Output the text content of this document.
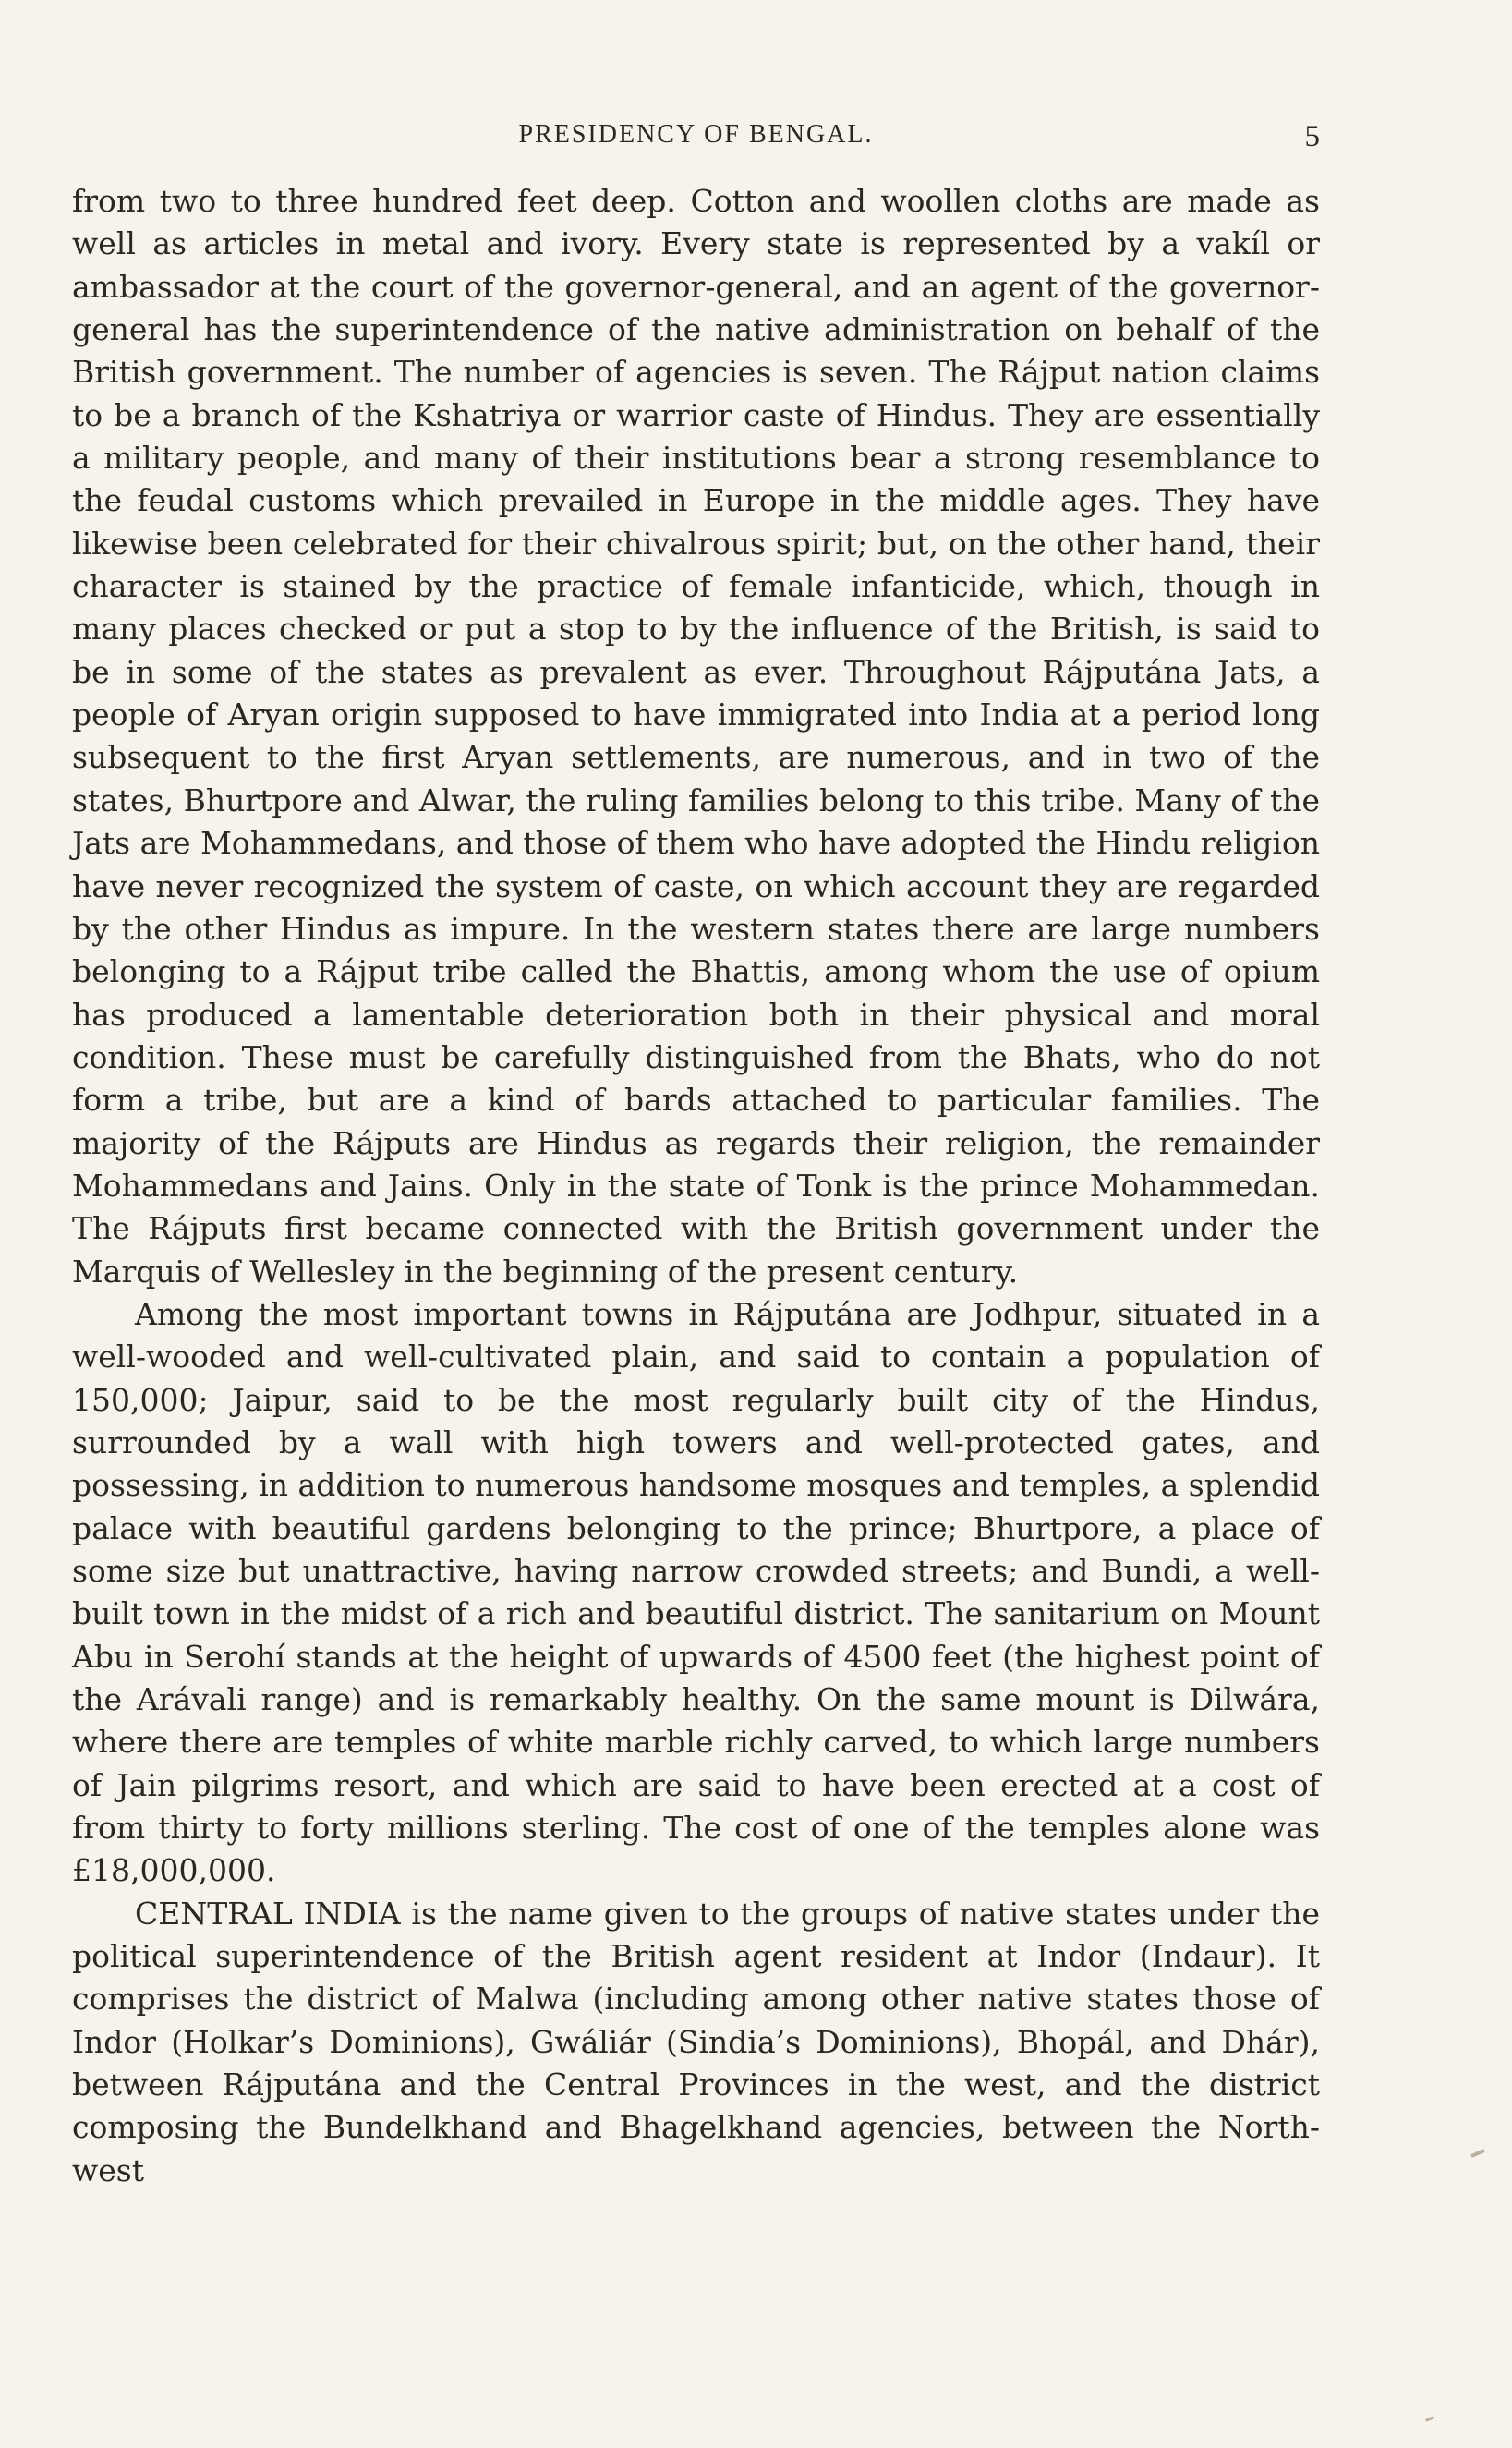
PRESIDENCY OF BENGAL.	5

from two to three hundred feet deep. Cotton and woollen cloths are made as well as articles in metal and ivory. Every state is represented by a vakíl or ambassador at the court of the governor-general, and an agent of the governor-general has the superintendence of the native administration on behalf of the British government. The number of agencies is seven. The Rájput nation claims to be a branch of the Kshatriya or warrior caste of Hindus. They are essentially a military people, and many of their institutions bear a strong resemblance to the feudal customs which prevailed in Europe in the middle ages. They have likewise been celebrated for their chivalrous spirit; but, on the other hand, their character is stained by the practice of female infanticide, which, though in many places checked or put a stop to by the influence of the British, is said to be in some of the states as prevalent as ever. Throughout Rájputána Jats, a people of Aryan origin supposed to have immigrated into India at a period long subsequent to the first Aryan settlements, are numerous, and in two of the states, Bhurtpore and Alwar, the ruling families belong to this tribe. Many of the Jats are Mohammedans, and those of them who have adopted the Hindu religion have never recognized the system of caste, on which account they are regarded by the other Hindus as impure. In the western states there are large numbers belonging to a Rájput tribe called the Bhattis, among whom the use of opium has produced a lamentable deterioration both in their physical and moral condition. These must be carefully distinguished from the Bhats, who do not form a tribe, but are a kind of bards attached to particular families. The majority of the Rájputs are Hindus as regards their religion, the remainder Mohammedans and Jains. Only in the state of Tonk is the prince Mohammedan. The Rájputs first became connected with the British government under the Marquis of Wellesley in the beginning of the present century.

Among the most important towns in Rájputána are Jodhpur, situated in a well-wooded and well-cultivated plain, and said to contain a population of 150,000; Jaipur, said to be the most regularly built city of the Hindus, surrounded by a wall with high towers and well-protected gates, and possessing, in addition to numerous handsome mosques and temples, a splendid palace with beautiful gardens belonging to the prince; Bhurtpore, a place of some size but unattractive, having narrow crowded streets; and Bundi, a well-built town in the midst of a rich and beautiful district. The sanitarium on Mount Abu in Serohí stands at the height of upwards of 4500 feet (the highest point of the Arávali range) and is remarkably healthy. On the same mount is Dilwára, where there are temples of white marble richly carved, to which large numbers of Jain pilgrims resort, and which are said to have been erected at a cost of from thirty to forty millions sterling. The cost of one of the temples alone was £18,000,000.

CENTRAL INDIA is the name given to the groups of native states under the political superintendence of the British agent resident at Indor (Indaur). It comprises the district of Malwa (including among other native states those of Indor (Holkar’s Dominions), Gwáliár (Sindia’s Dominions), Bhopál, and Dhár), between Rájputána and the Central Provinces in the west, and the district composing the Bundelkhand and Bhagelkhand agencies, between the North-west
